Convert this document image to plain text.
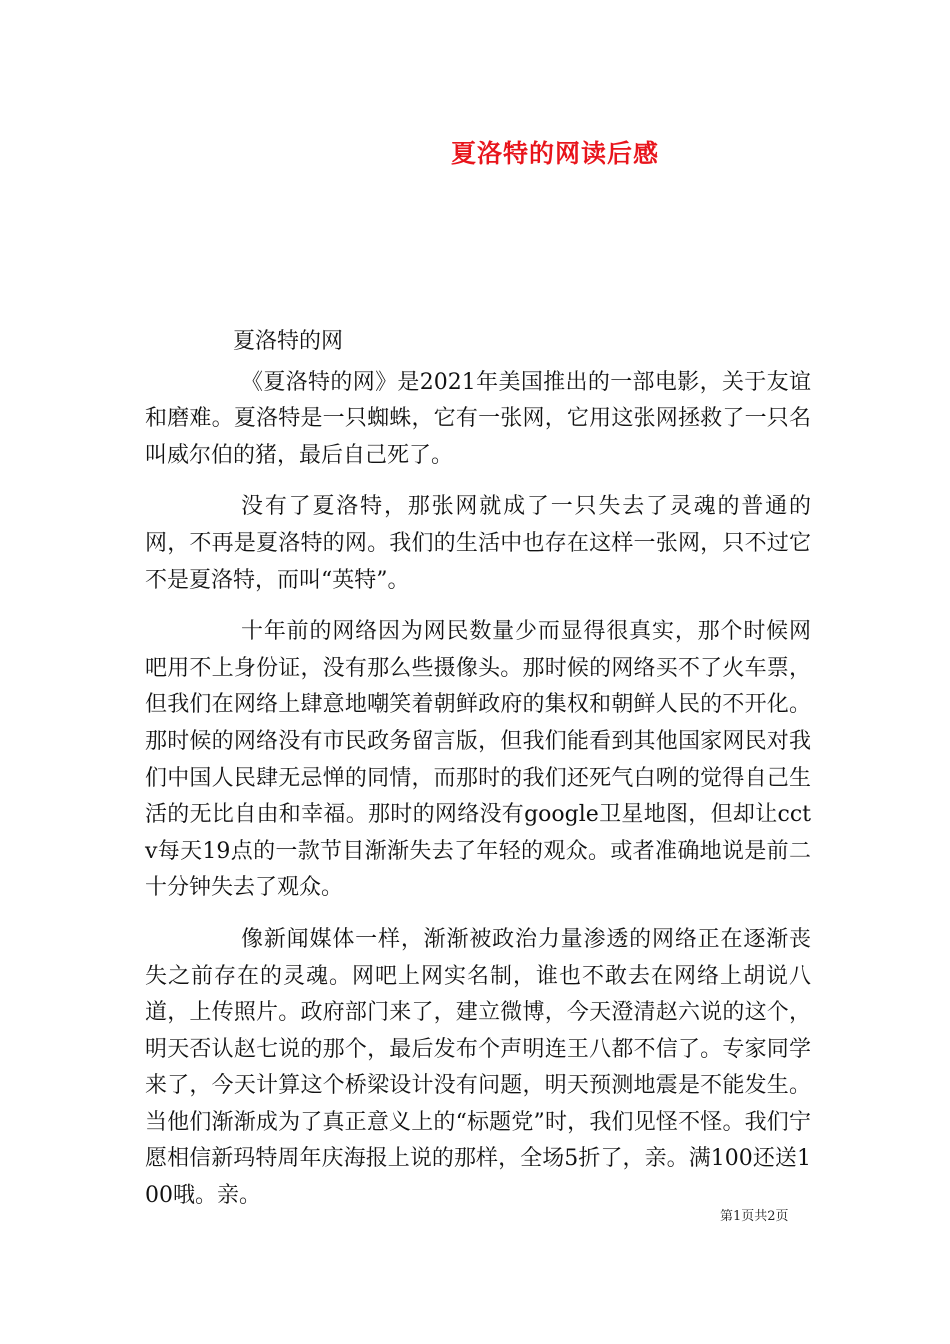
夏洛特的网读后感

夏洛特的网

《夏洛特的网》是2021年美国推出的一部电影，关于友谊和磨难。夏洛特是一只蜘蛛，它有一张网，它用这张网拯救了一只名叫威尔伯的猪，最后自己死了。

没有了夏洛特，那张网就成了一只失去了灵魂的普通的网，不再是夏洛特的网。我们的生活中也存在这样一张网，只不过它不是夏洛特，而叫“英特”。

十年前的网络因为网民数量少而显得很真实，那个时候网吧用不上身份证，没有那么些摄像头。那时候的网络买不了火车票，但我们在网络上肆意地嘲笑着朝鲜政府的集权和朝鲜人民的不开化。那时候的网络没有市民政务留言版，但我们能看到其他国家网民对我们中国人民肆无忌惮的同情，而那时的我们还死气白咧的觉得自己生活的无比自由和幸福。那时的网络没有google卫星地图，但却让cctv每天19点的一款节目渐渐失去了年轻的观众。或者准确地说是前二十分钟失去了观众。

像新闻媒体一样，渐渐被政治力量渗透的网络正在逐渐丧失之前存在的灵魂。网吧上网实名制，谁也不敢去在网络上胡说八道，上传照片。政府部门来了，建立微博，今天澄清赵六说的这个，明天否认赵七说的那个，最后发布个声明连王八都不信了。专家同学来了，今天计算这个桥梁设计没有问题，明天预测地震是不能发生。当他们渐渐成为了真正意义上的“标题党”时，我们见怪不怪。我们宁愿相信新玛特周年庆海报上说的那样，全场5折了，亲。满100还送100哦。亲。

第1页共2页
